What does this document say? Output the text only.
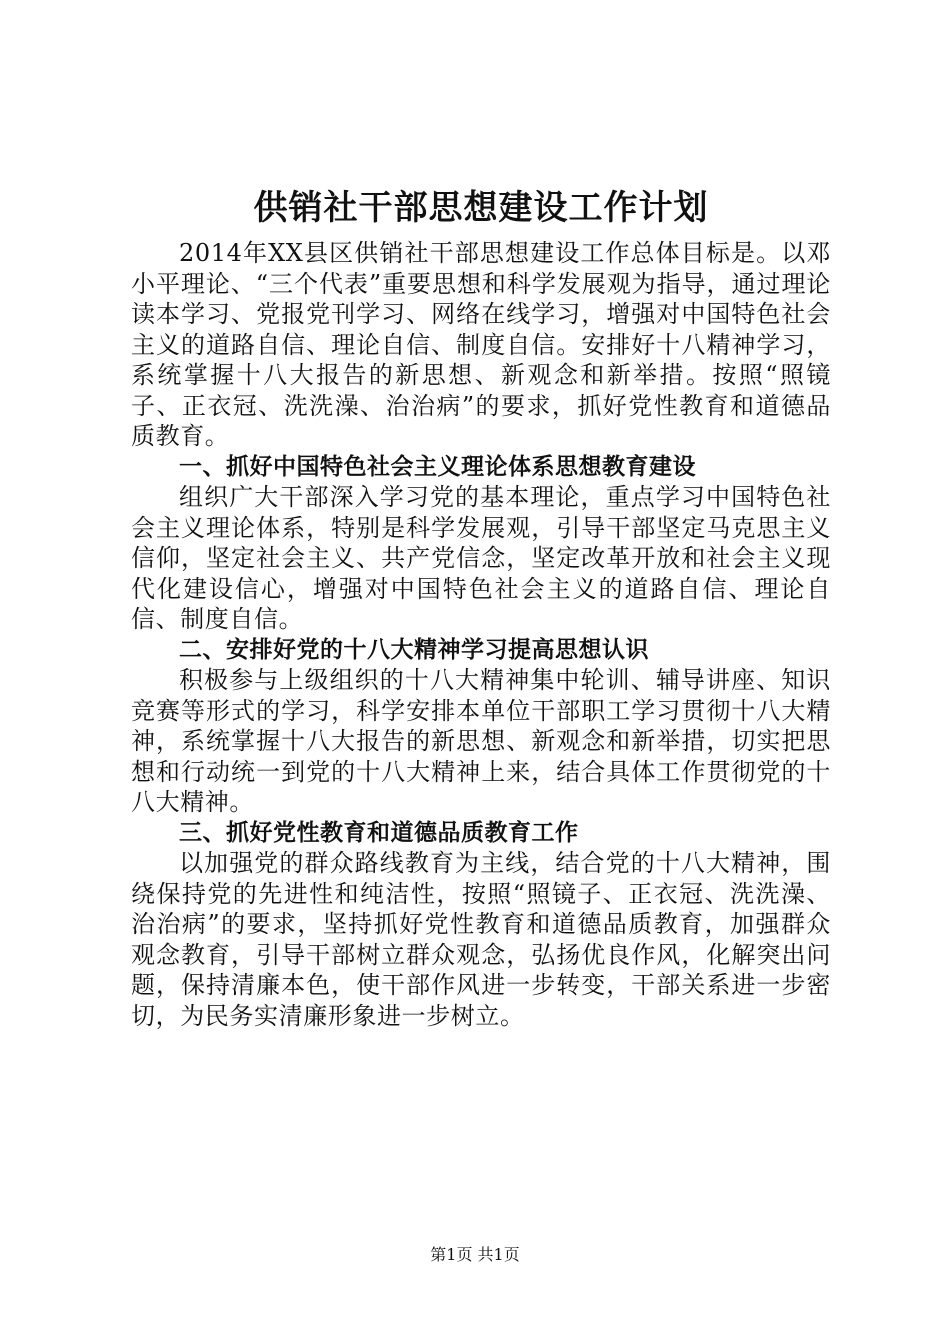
供销社干部思想建设工作计划

2014年XX县区供销社干部思想建设工作总体目标是。以邓小平理论、“三个代表”重要思想和科学发展观为指导，通过理论读本学习、党报党刊学习、网络在线学习，增强对中国特色社会主义的道路自信、理论自信、制度自信。安排好十八精神学习，系统掌握十八大报告的新思想、新观念和新举措。按照“照镜子、正衣冠、洗洗澡、治治病”的要求，抓好党性教育和道德品质教育。

一、抓好中国特色社会主义理论体系思想教育建设

组织广大干部深入学习党的基本理论，重点学习中国特色社会主义理论体系，特别是科学发展观，引导干部坚定马克思主义信仰，坚定社会主义、共产党信念，坚定改革开放和社会主义现代化建设信心，增强对中国特色社会主义的道路自信、理论自信、制度自信。

二、安排好党的十八大精神学习提高思想认识

积极参与上级组织的十八大精神集中轮训、辅导讲座、知识竞赛等形式的学习，科学安排本单位干部职工学习贯彻十八大精神，系统掌握十八大报告的新思想、新观念和新举措，切实把思想和行动统一到党的十八大精神上来，结合具体工作贯彻党的十八大精神。

三、抓好党性教育和道德品质教育工作

以加强党的群众路线教育为主线，结合党的十八大精神，围绕保持党的先进性和纯洁性，按照“照镜子、正衣冠、洗洗澡、治治病”的要求，坚持抓好党性教育和道德品质教育，加强群众观念教育，引导干部树立群众观念，弘扬优良作风，化解突出问题，保持清廉本色，使干部作风进一步转变，干部关系进一步密切，为民务实清廉形象进一步树立。

第1页 共1页
